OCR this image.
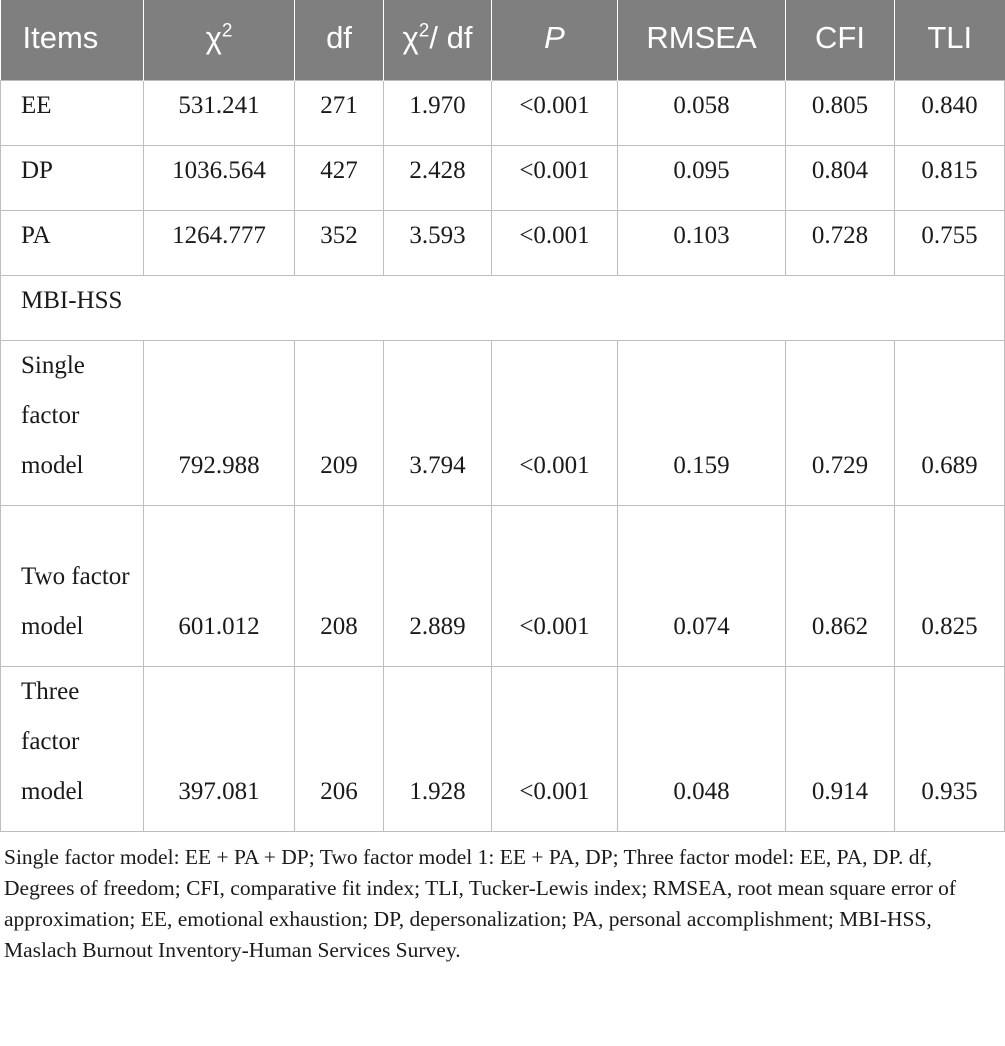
Items	$\chi^2$	df	$\chi^2/$ df	P	RMSEA	CFI	TLI
EE	531.241	271	1.970	<0.001	0.058	0.805	0.840
DP	1036.564	427	2.428	<0.001	0.095	0.804	0.815
PA	1264.777	352	3.593	<0.001	0.103	0.728	0.755
MBI-HSS							
Single factor model	792.988	209	3.794	<0.001	0.159	0.729	0.689
Two factor model	601.012	208	2.889	<0.001	0.074	0.862	0.825
Three factor model	397.081	206	1.928	<0.001	0.048	0.914	0.935
Single factor model: EE + PA + DP; Two factor model 1: EE + PA, DP; Three factor model: EE, PA, DP. df, Degrees of freedom; CFI, comparative fit index; TLI, Tucker-Lewis index; RMSEA, root mean square error of approximation; EE, emotional exhaustion; DP, depersonalization; PA, personal accomplishment; MBI-HSS, Maslach Burnout Inventory-Human Services Survey.
